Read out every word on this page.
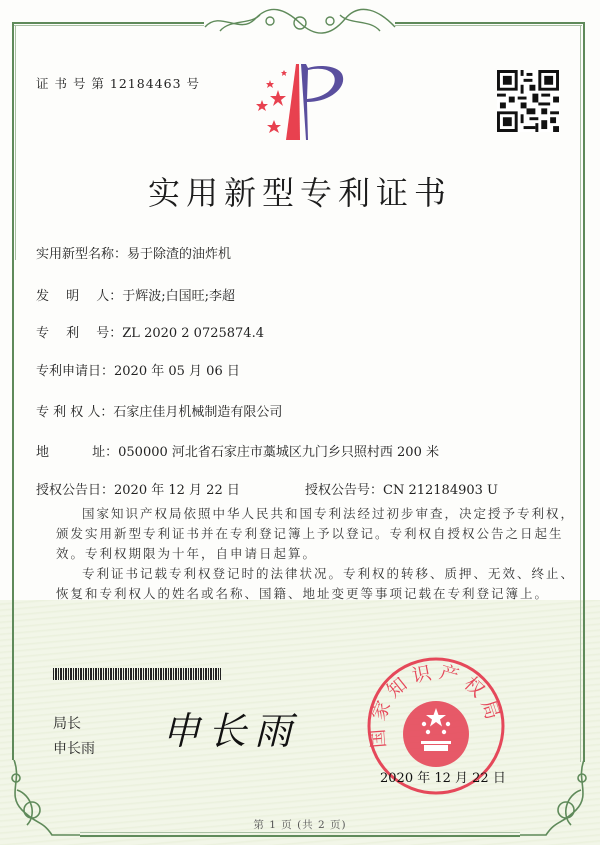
证 书 号 第 12184463 号
实用新型专利证书
实用新型名称：易于除渣的油炸机
发　 明　 人：于辉波;白国旺;李超
专　 利　 号：ZL 2020 2 0725874.4
专利申请日：2020 年 05 月 06 日
专 利 权 人：石家庄佳月机械制造有限公司
地　　　 址：050000 河北省石家庄市藁城区九门乡只照村西 200 米
授权公告日：2020 年 12 月 22 日	授权公告号：CN 212184903 U

国家知识产权局依照中华人民共和国专利法经过初步审查，决定授予专利权，颁发实用新型专利证书并在专利登记簿上予以登记。专利权自授权公告之日起生效。专利权期限为十年，自申请日起算。

专利证书记载专利权登记时的法律状况。专利权的转移、质押、无效、终止、恢复和专利权人的姓名或名称、国籍、地址变更等事项记载在专利登记簿上。

局长
申长雨 申长雨	国家知识产权局
2020 年 12 月 22 日
第 1 页 (共 2 页)
